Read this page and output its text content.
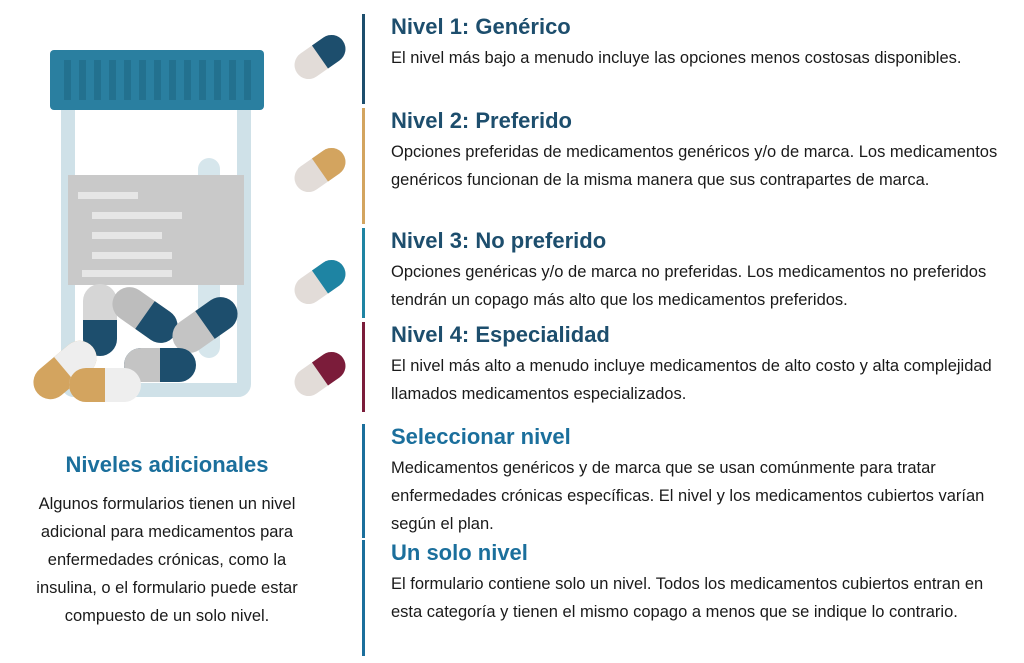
Nivel 1: Genérico

El nivel más bajo a menudo incluye las opciones menos costosas disponibles.

Nivel 2: Preferido

Opciones preferidas de medicamentos genéricos y/o de marca. Los medicamentos genéricos funcionan de la misma manera que sus contrapartes de marca.

Nivel 3: No preferido

Opciones genéricas y/o de marca no preferidas. Los medicamentos no preferidos tendrán un copago más alto que los medicamentos preferidos.

Nivel 4: Especialidad

El nivel más alto a menudo incluye medicamentos de alto costo y alta complejidad llamados medicamentos especializados.

Seleccionar nivel

Medicamentos genéricos y de marca que se usan comúnmente para tratar enfermedades crónicas específicas. El nivel y los medicamentos cubiertos varían según el plan.

Un solo nivel

El formulario contiene solo un nivel. Todos los medicamentos cubiertos entran en esta categoría y tienen el mismo copago a menos que se indique lo contrario.

Niveles adicionales

Algunos formularios tienen un nivel adicional para medicamentos para enfermedades crónicas, como la insulina, o el formulario puede estar compuesto de un solo nivel.
